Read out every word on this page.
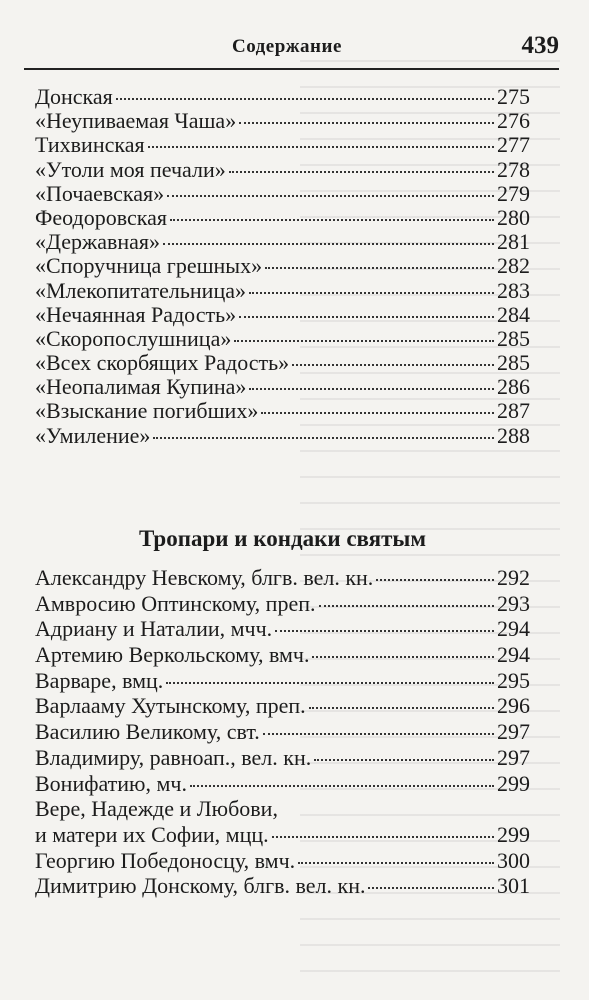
Содержание	439
Донская	275
«Неупиваемая Чаша»	276
Тихвинская	277
«Утоли моя печали»	278
«Почаевская»	279
Феодоровская	280
«Державная»	281
«Споручница грешных»	282
«Млекопитательница»	283
«Нечаянная Радость»	284
«Скоропослушница»	285
«Всех скорбящих Радость»	285
«Неопалимая Купина»	286
«Взыскание погибших»	287
«Умиление»	288
Тропари и кондаки святым
Александру Невскому, блгв. вел. кн.	292
Амвросию Оптинскому, преп.	293
Адриану и Наталии, мчч.	294
Артемию Веркольскому, вмч.	294
Варваре, вмц.	295
Варлааму Хутынскому, преп.	296
Василию Великому, свт.	297
Владимиру, равноап., вел. кн.	297
Вонифатию, мч.	299
Вере, Надежде и Любови,
и матери их Софии, мцц.	299
Георгию Победоносцу, вмч.	300
Димитрию Донскому, блгв. вел. кн.	301
